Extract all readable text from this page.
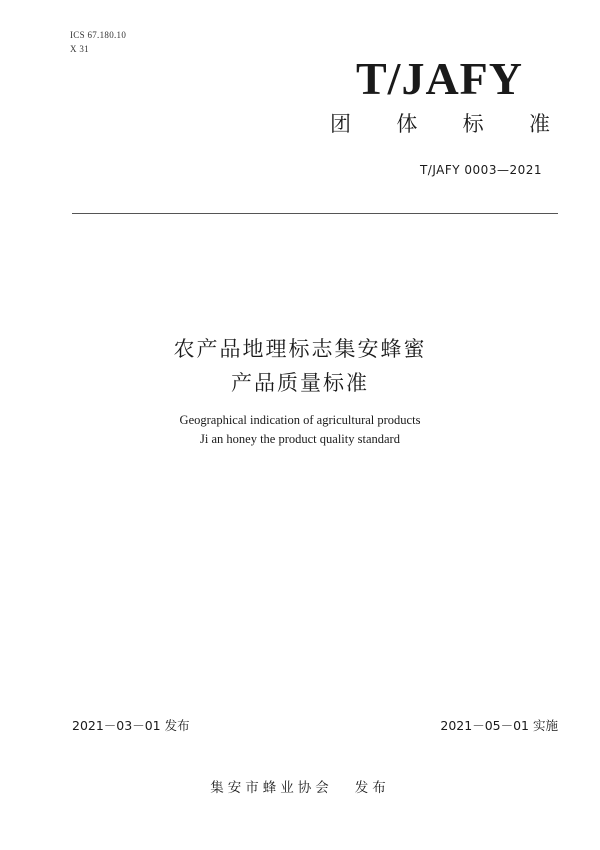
ICS 67.180.10
X 31
T/JAFY
团 体 标 准
T/JAFY 0003—2021
农产品地理标志集安蜂蜜
产品质量标准
Geographical indication of agricultural products
Ji an honey the product quality standard
2021－03－01 发布	2021－05－01 实施
集安市蜂业协会 发布
